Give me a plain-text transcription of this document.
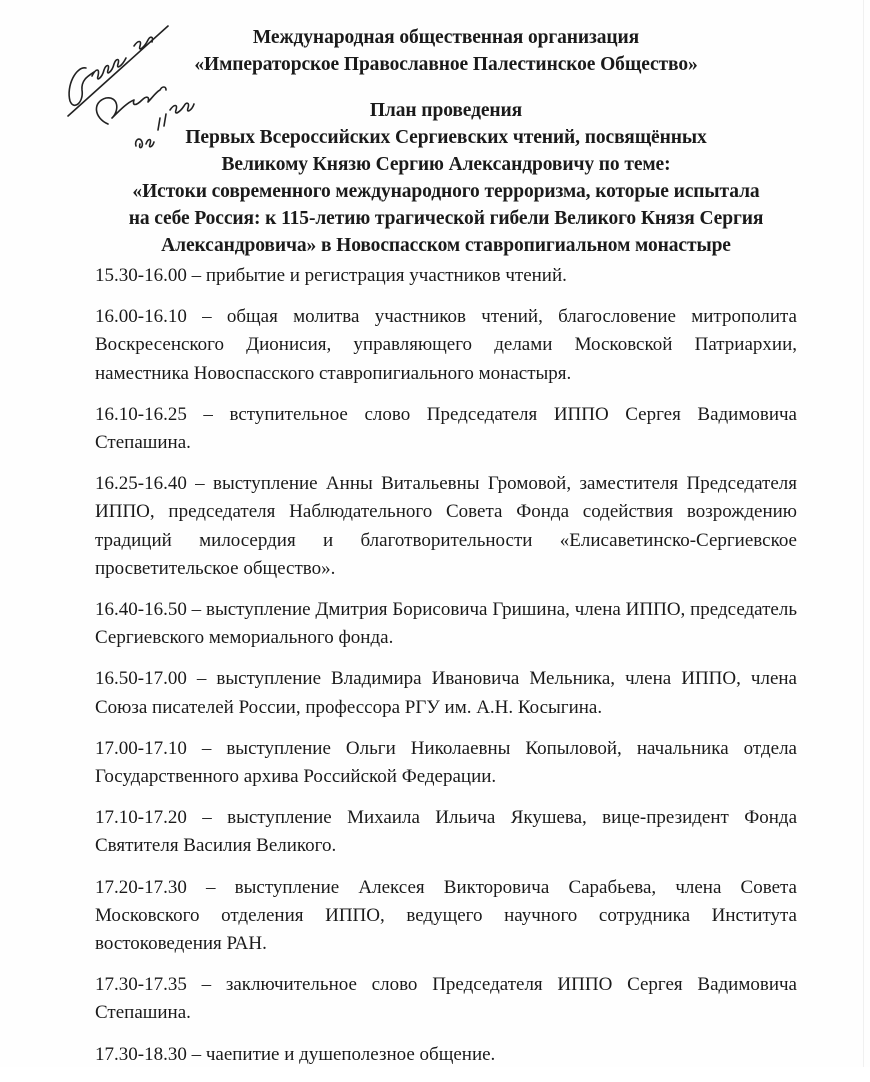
Международная общественная организация
«Императорское Православное Палестинское Общество»
План проведения
Первых Всероссийских Сергиевских чтений, посвящённых
Великому Князю Сергию Александровичу по теме:
«Истоки современного международного терроризма, которые испытала
на себе Россия: к 115-летию трагической гибели Великого Князя Сергия
Александровича» в Новоспасском ставропигиальном монастыре

15.30-16.00 – прибытие и регистрация участников чтений.

16.00-16.10 – общая молитва участников чтений, благословение митрополита Воскресенского Дионисия, управляющего делами Московской Патриархии, наместника Новоспасского ставропигиального монастыря.

16.10-16.25 – вступительное слово Председателя ИППО Сергея Вадимовича Степашина.

16.25-16.40 – выступление Анны Витальевны Громовой, заместителя Председателя ИППО, председателя Наблюдательного Совета Фонда содействия возрождению традиций милосердия и благотворительности «Елисаветинско-Сергиевское просветительское общество».

16.40-16.50 – выступление Дмитрия Борисовича Гришина, члена ИППО, председатель Сергиевского мемориального фонда.

16.50-17.00 – выступление Владимира Ивановича Мельника, члена ИППО, члена Союза писателей России, профессора РГУ им. А.Н. Косыгина.

17.00-17.10 – выступление Ольги Николаевны Копыловой, начальника отдела Государственного архива Российской Федерации.

17.10-17.20 – выступление Михаила Ильича Якушева, вице-президент Фонда Святителя Василия Великого.

17.20-17.30 – выступление Алексея Викторовича Сарабьева, члена Совета Московского отделения ИППО, ведущего научного сотрудника Института востоковедения РАН.

17.30-17.35 – заключительное слово Председателя ИППО Сергея Вадимовича Степашина.

17.30-18.30 – чаепитие и душеполезное общение.
